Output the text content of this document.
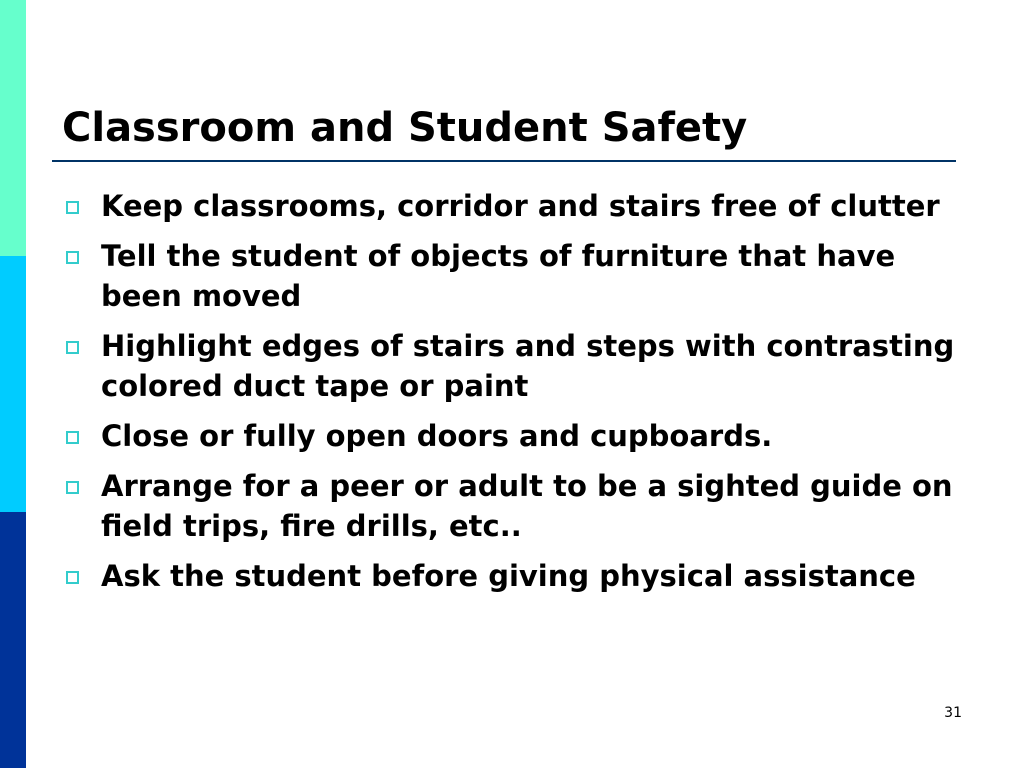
Classroom and Student Safety
Keep classrooms, corridor and stairs free of clutter
Tell the student of objects of furniture that have been moved
Highlight edges of stairs and steps with contrasting colored duct tape or paint
Close or fully open doors and cupboards.
Arrange for a peer or adult to be a sighted guide on field trips, fire drills, etc..
Ask the student before giving physical assistance
31
